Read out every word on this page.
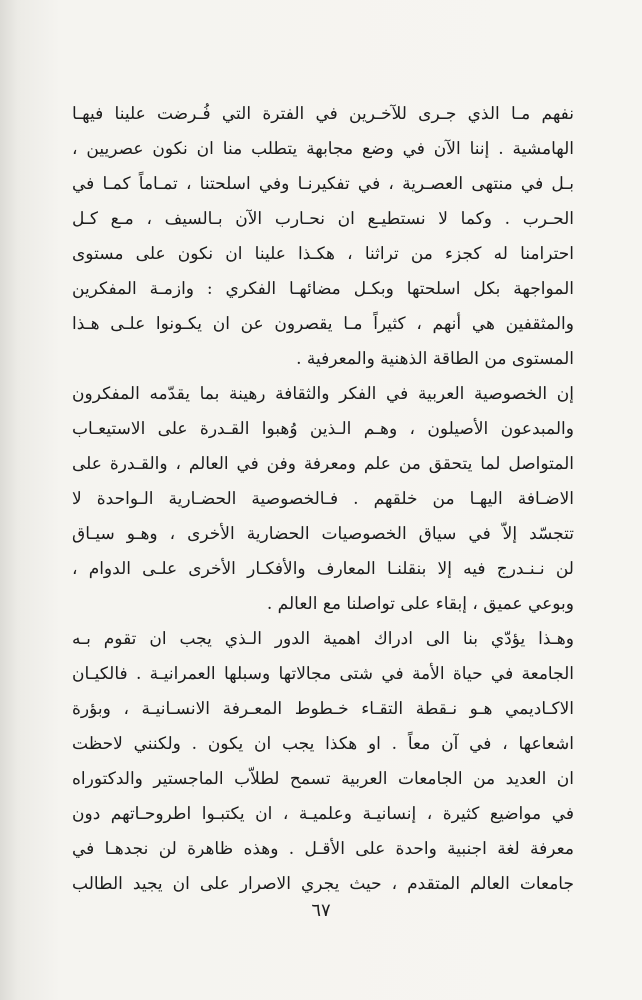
نفهم مـا الذي جـرى للآخـرين في الفترة التي فُـرضت علينا فيهـا
الهامشية . إننا الآن في وضع مجابهة يتطلب منا ان نكون عصريين ،
بـل في منتهى العصـرية ، في تفكيرنـا وفي اسلحتنا ، تمـاماً كمـا في
الحـرب . وكما لا نستطيـع ان نحـارب الآن بـالسيف ، مـع كـل
احترامنا له كجزء من تراثنا ، هكـذا علينا ان نكون على مستوى
المواجهة بكل اسلحتها وبكـل مضائهـا الفكري : وازمـة المفكرين
والمثقفين هي أنهم ، كثيراً مـا يقصرون عن ان يكـونوا علـى هـذا
المستوى من الطاقة الذهنية والمعرفية .
إن الخصوصية العربية في الفكر والثقافة رهينة بما يقدّمه المفكرون
والمبدعون الأصيلون ، وهـم الـذين وُهبوا القـدرة على الاستيعـاب
المتواصل لما يتحقق من علم ومعرفة وفن في العالم ، والقـدرة على
الاضـافة اليهـا من خلقهم . فـالخصوصية الحضـارية الـواحدة لا
تتجسّد إلاّ في سياق الخصوصيات الحضارية الأخرى ، وهـو سيـاق
لن نـنـدرج فيه إلا بنقلنـا المعارف والأفكـار الأخرى علـى الدوام ،
وبوعي عميق ، إبقاء على تواصلنا مع العالم .
وهـذا يؤدّي بنا الى ادراك اهمية الدور الـذي يجب ان تقوم بـه
الجامعة في حياة الأمة في شتى مجالاتها وسبلها العمرانيـة . فالكيـان
الاكـاديمي هـو نـقطة التقـاء خـطوط المعـرفة الانسـانيـة ، وبؤرة
اشعاعها ، في آن معاً . او هكذا يجب ان يكون . ولكنني لاحظت
ان العديد من الجامعات العربية تسمح لطلاّب الماجستير والدكتوراه
في مواضيع كثيرة ، إنسانيـة وعلميـة ، ان يكتبـوا اطروحـاتهم دون
معرفة لغة اجنبية واحدة على الأقـل . وهذه ظاهرة لن نجدهـا في
جامعات العالم المتقدم ، حيث يجري الاصرار على ان يجيد الطالب
٦٧
